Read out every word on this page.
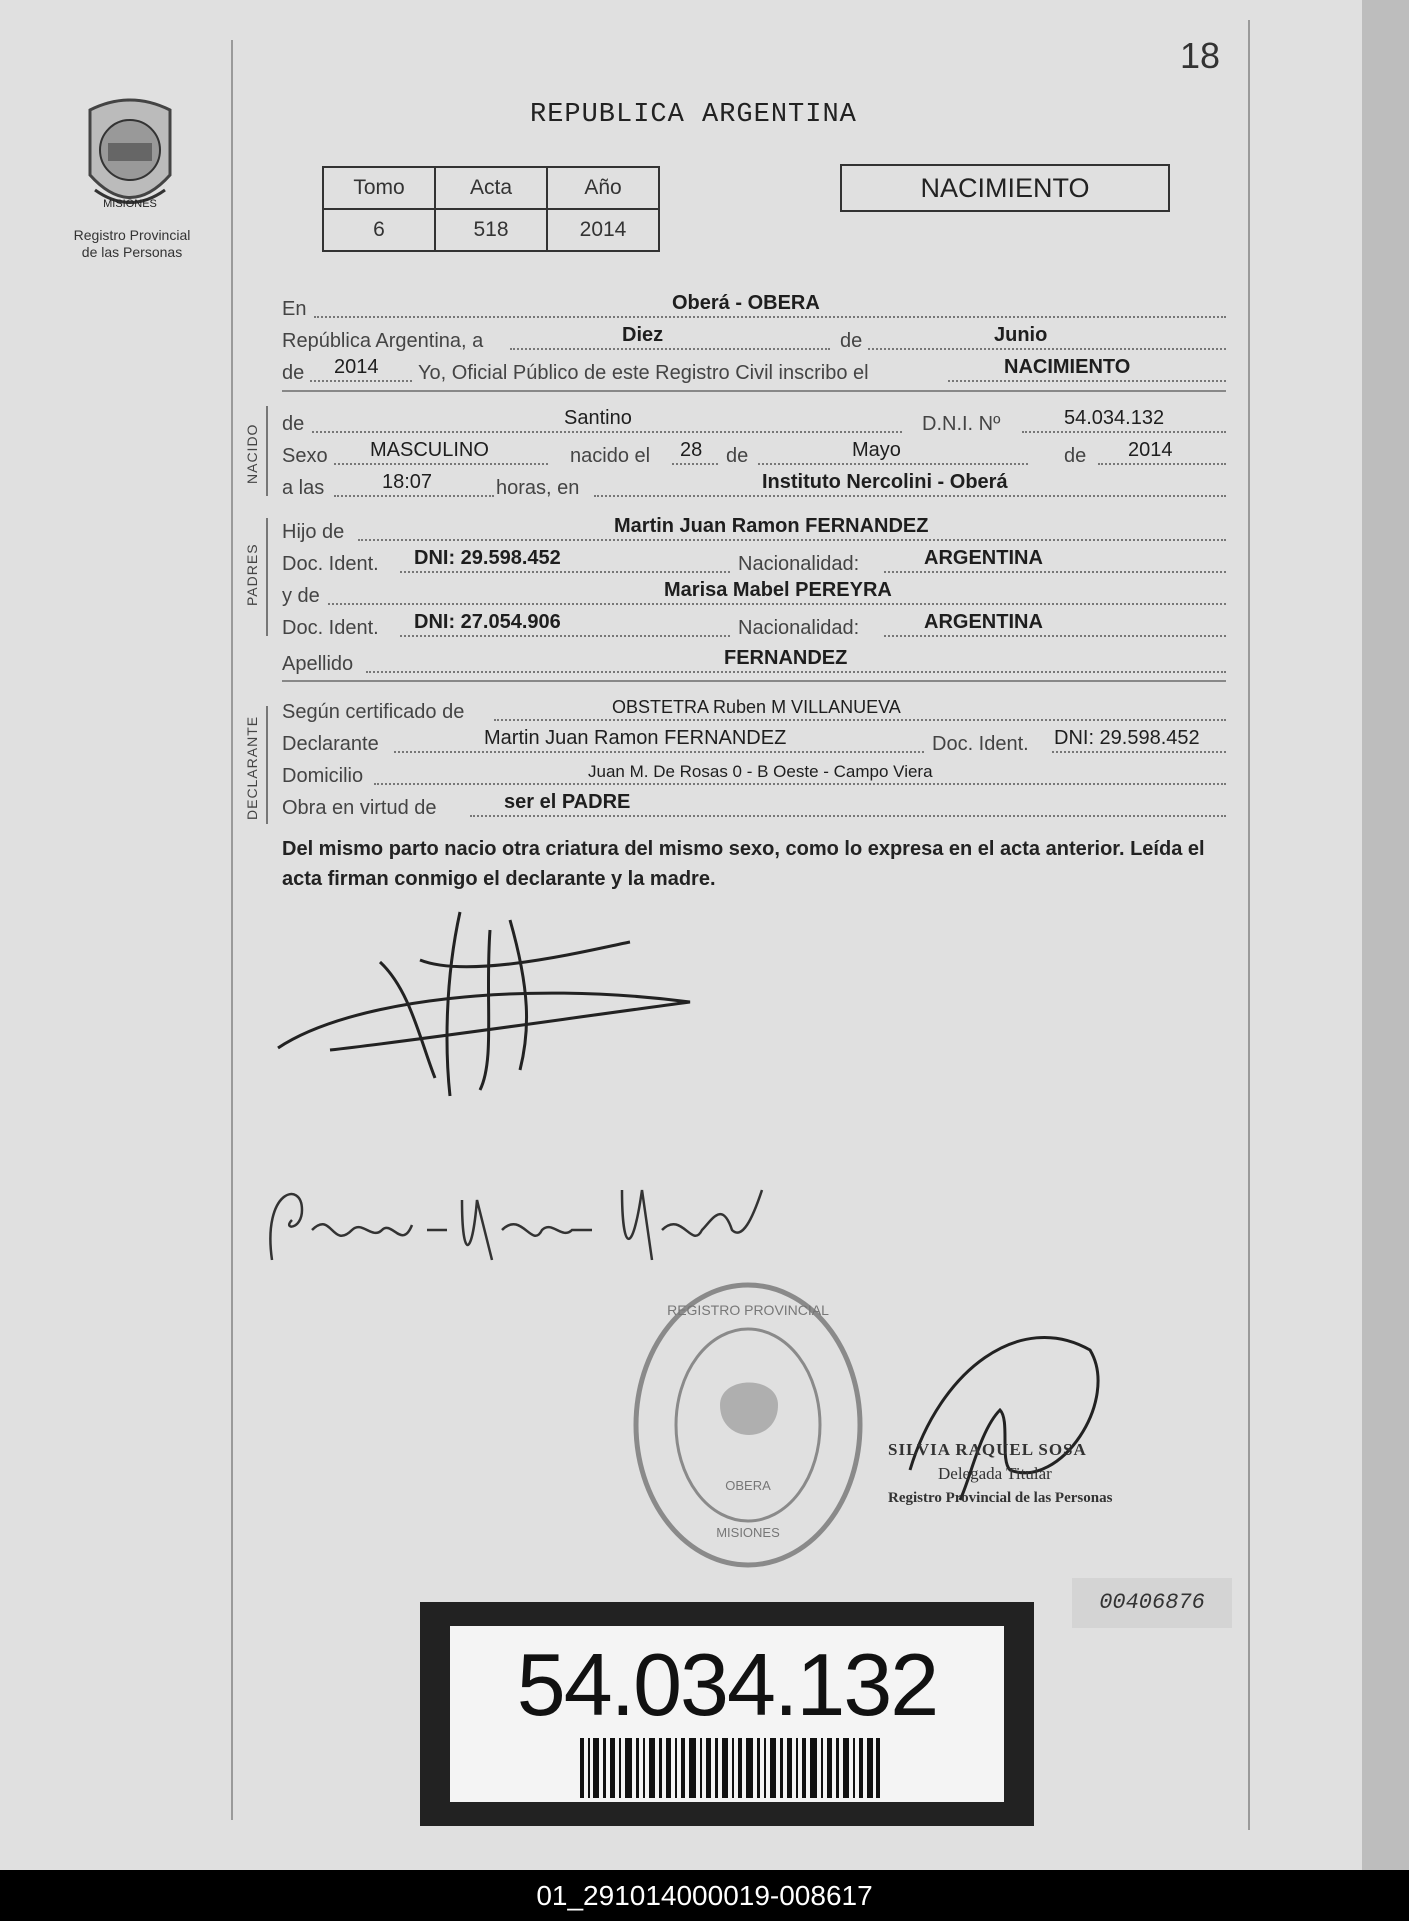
18
MISIONES
Registro Provincial
de las Personas
REPUBLICA ARGENTINA
Tomo	Acta	Año
6	518	2014
NACIMIENTO
En	Oberá - OBERA
República Argentina, a	Diez	de	Junio
de 2014 Yo, Oficial Público de este Registro Civil inscribo el	NACIMIENTO
NACIDO de	Santino	D.N.I. Nº	54.034.132
Sexo MASCULINO	nacido el 28 de	Mayo	de 2014
a las	18:07	horas, en	Instituto Nercolini - Oberá
PADRES
Hijo de	Martin Juan Ramon FERNANDEZ
Doc. Ident. DNI: 29.598.452	Nacionalidad:	ARGENTINA
y de	Marisa Mabel PEREYRA
Doc. Ident. DNI: 27.054.906	Nacionalidad:	ARGENTINA
Apellido	FERNANDEZ
DECLARANTE
Según certificado de	OBSTETRA Ruben M VILLANUEVA
Declarante	Martin Juan Ramon FERNANDEZ	Doc. Ident. DNI: 29.598.452
Domicilio	Juan M. De Rosas 0 - B Oeste - Campo Viera
Obra en virtud de	ser el PADRE
Del mismo parto nacio otra criatura del mismo sexo, como lo expresa en el acta anterior. Leída el acta firman conmigo el declarante y la madre.
REGISTRO PROVINCIAL
OBERA
MISIONES
SILVIA RAQUEL SOSA
Delegada Titular
Registro Provincial de las Personas
00406876
54.034.132
01_291014000019-008617
